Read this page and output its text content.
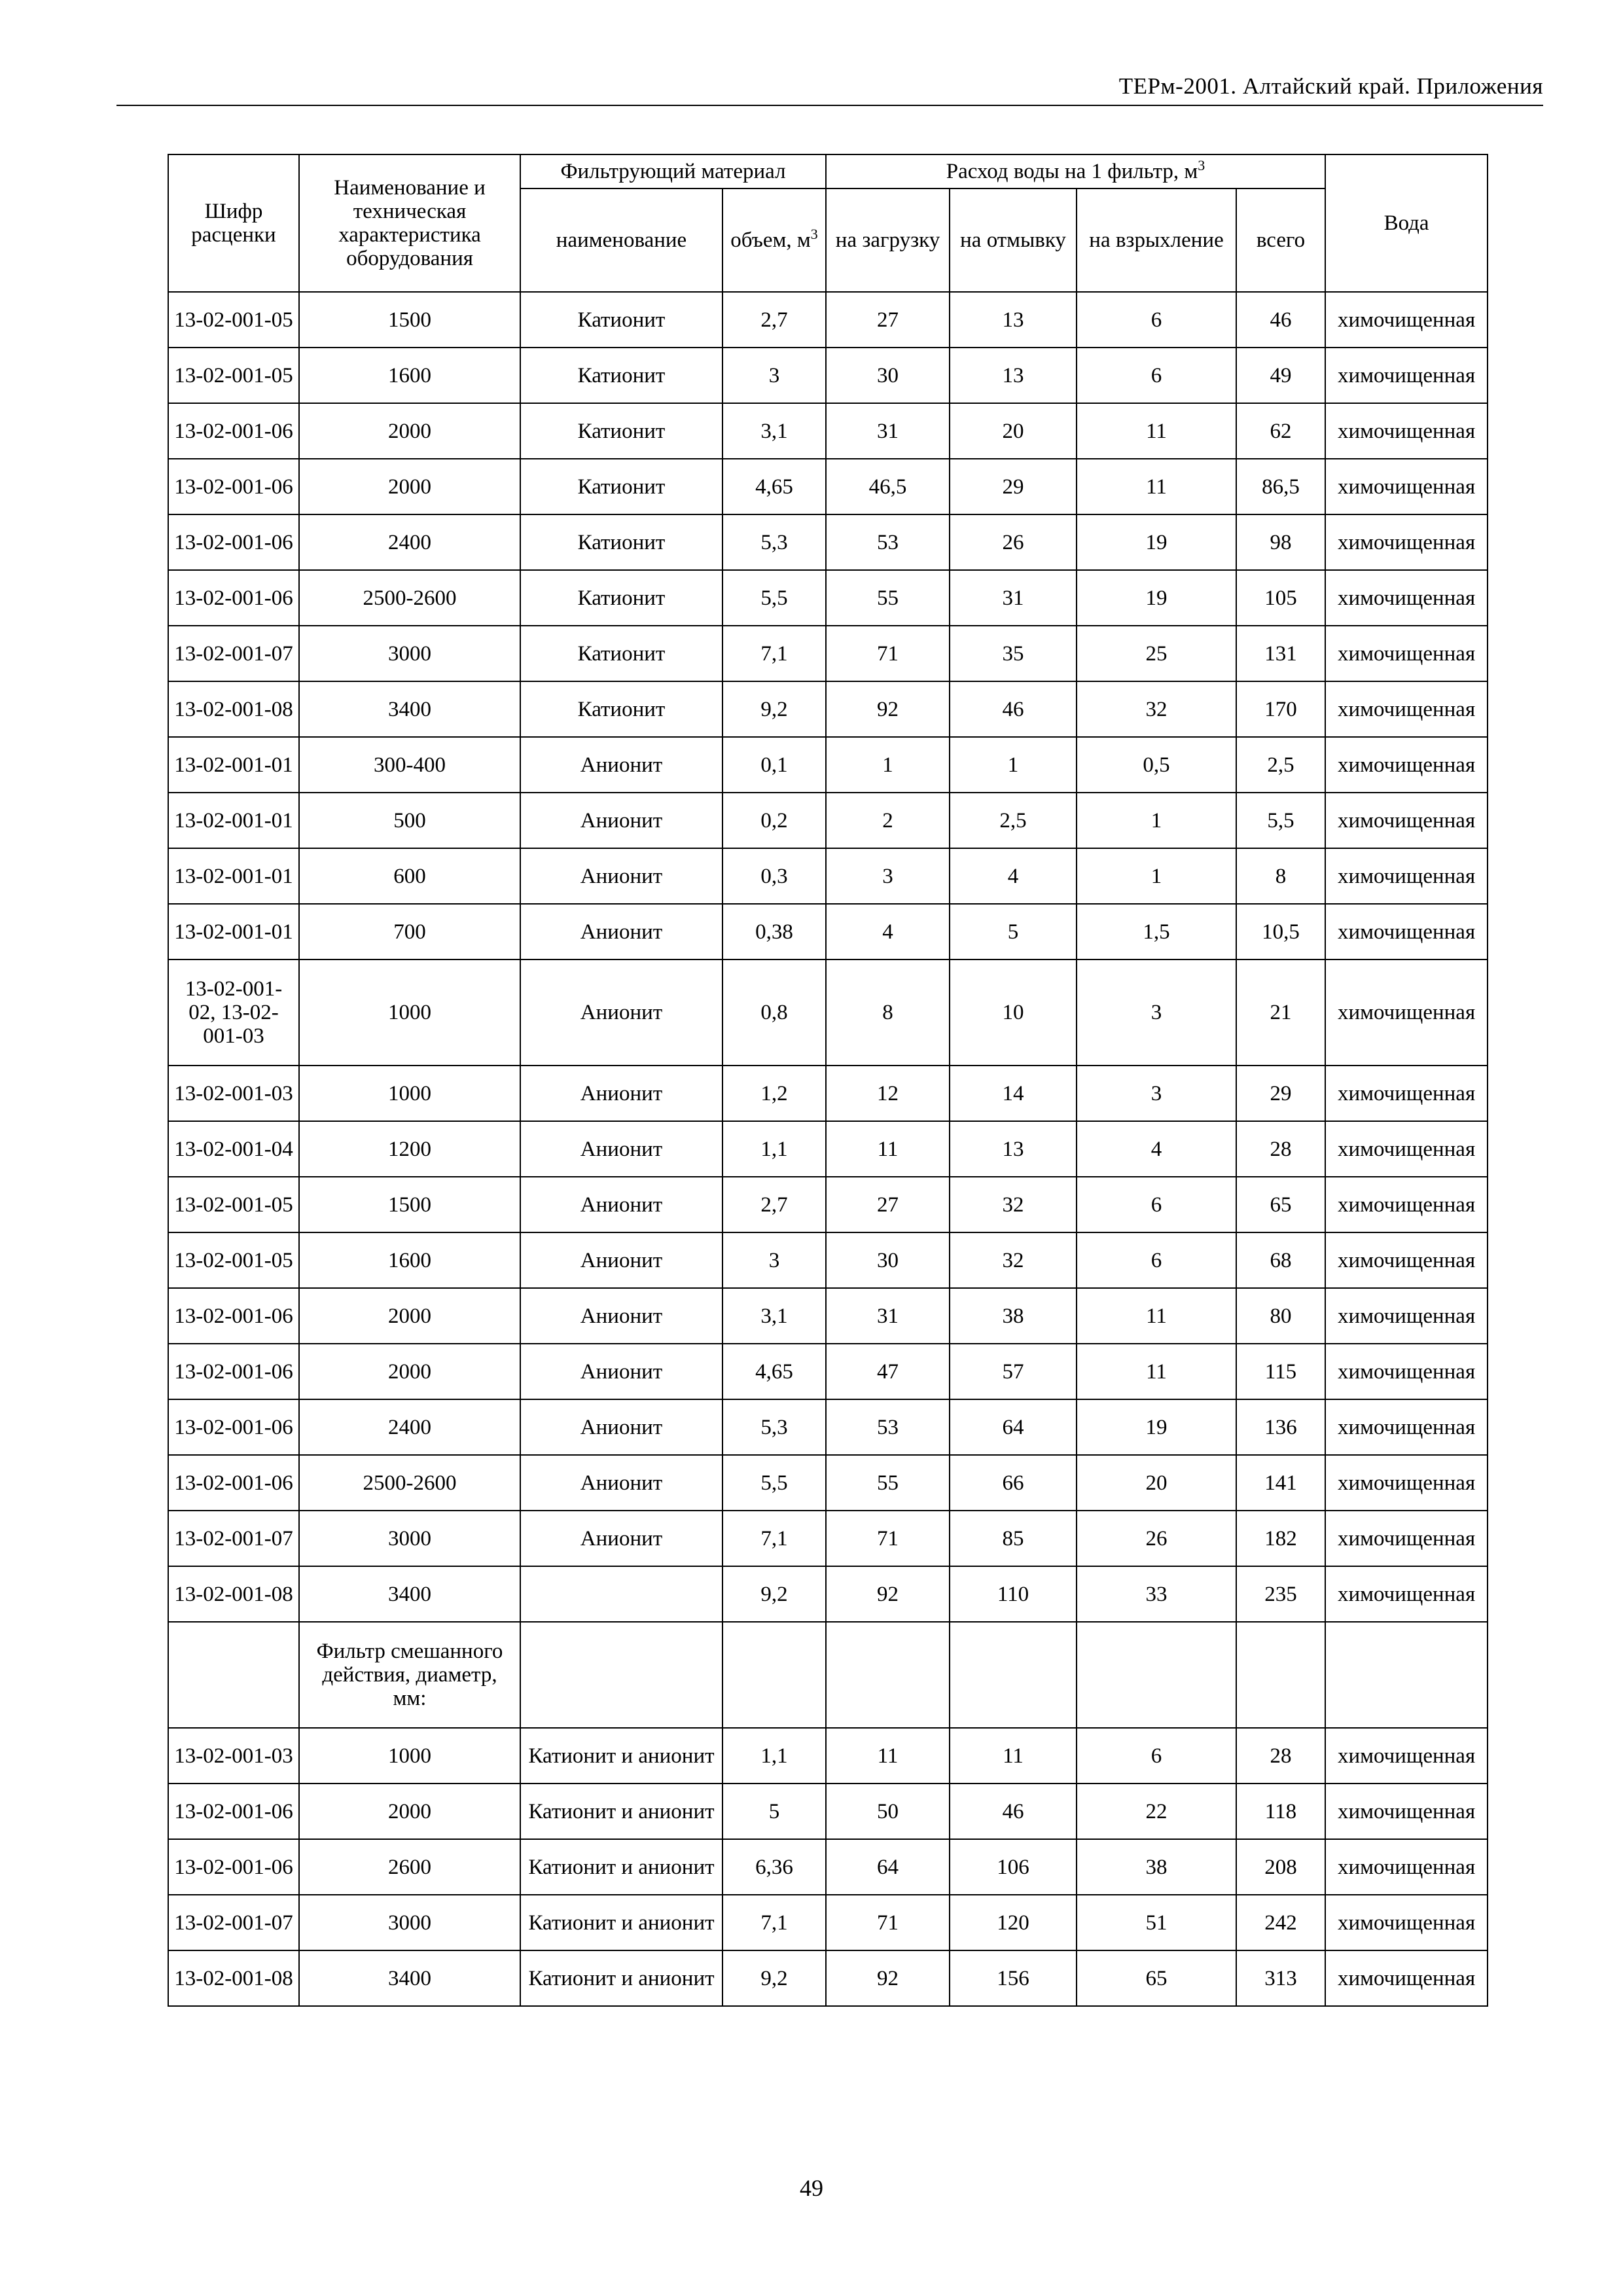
ТЕРм-2001. Алтайский край. Приложения
Шифр расценки	Наименование и техническая характеристика оборудования	Фильтрующий материал		Расход воды на 1 фильтр, $м^3$				Вода
		наименование	объем, $м^3$	на загрузку	на отмывку	на взрыхление	всего	
13-02-001-05	1500	Катионит	2,7	27	13	6	46	химочищенная
13-02-001-05	1600	Катионит	3	30	13	6	49	химочищенная
13-02-001-06	2000	Катионит	3,1	31	20	11	62	химочищенная
13-02-001-06	2000	Катионит	4,65	46,5	29	11	86,5	химочищенная
13-02-001-06	2400	Катионит	5,3	53	26	19	98	химочищенная
13-02-001-06	2500-2600	Катионит	5,5	55	31	19	105	химочищенная
13-02-001-07	3000	Катионит	7,1	71	35	25	131	химочищенная
13-02-001-08	3400	Катионит	9,2	92	46	32	170	химочищенная
13-02-001-01	300-400	Анионит	0,1	1	1	0,5	2,5	химочищенная
13-02-001-01	500	Анионит	0,2	2	2,5	1	5,5	химочищенная
13-02-001-01	600	Анионит	0,3	3	4	1	8	химочищенная
13-02-001-01	700	Анионит	0,38	4	5	1,5	10,5	химочищенная
13-02-001-02, 13-02-001-03	1000	Анионит	0,8	8	10	3	21	химочищенная
13-02-001-03	1000	Анионит	1,2	12	14	3	29	химочищенная
13-02-001-04	1200	Анионит	1,1	11	13	4	28	химочищенная
13-02-001-05	1500	Анионит	2,7	27	32	6	65	химочищенная
13-02-001-05	1600	Анионит	3	30	32	6	68	химочищенная
13-02-001-06	2000	Анионит	3,1	31	38	11	80	химочищенная
13-02-001-06	2000	Анионит	4,65	47	57	11	115	химочищенная
13-02-001-06	2400	Анионит	5,3	53	64	19	136	химочищенная
13-02-001-06	2500-2600	Анионит	5,5	55	66	20	141	химочищенная
13-02-001-07	3000	Анионит	7,1	71	85	26	182	химочищенная
13-02-001-08	3400		9,2	92	110	33	235	химочищенная
	Фильтр смешанного действия, диаметр, мм:							
13-02-001-03	1000	Катионит и анионит	1,1	11	11	6	28	химочищенная
13-02-001-06	2000	Катионит и анионит	5	50	46	22	118	химочищенная
13-02-001-06	2600	Катионит и анионит	6,36	64	106	38	208	химочищенная
13-02-001-07	3000	Катионит и анионит	7,1	71	120	51	242	химочищенная
13-02-001-08	3400	Катионит и анионит	9,2	92	156	65	313	химочищенная
49
